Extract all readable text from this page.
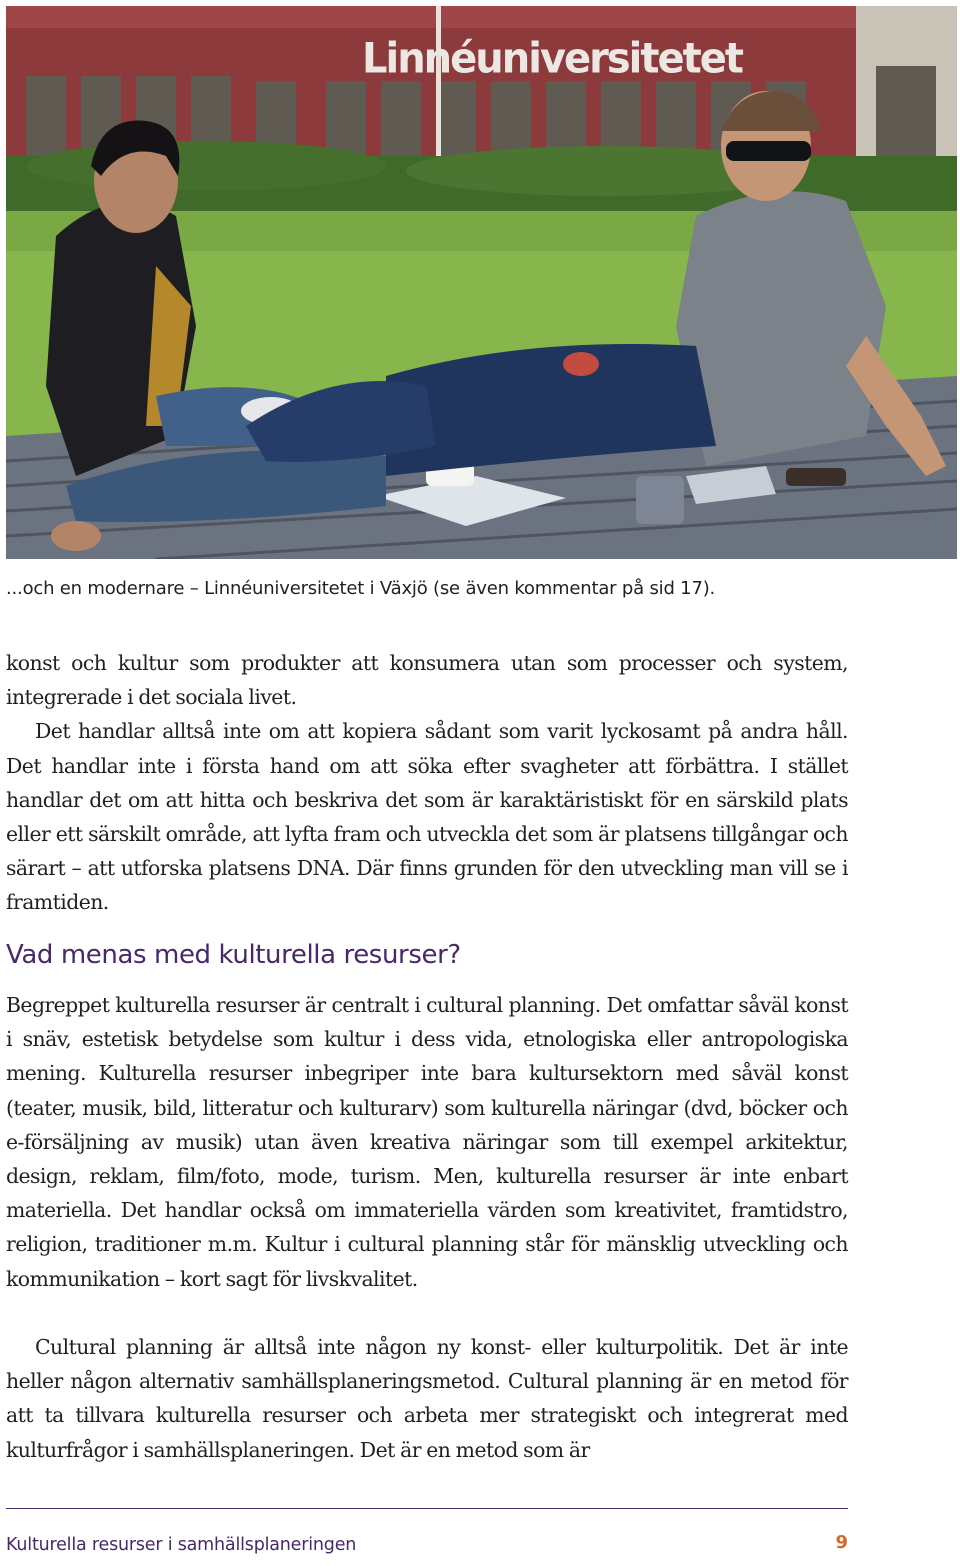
Linnéuniversitetet
...och en modernare – Linnéuniversitetet i Växjö (se även kommentar på sid 17).

konst och kultur som produkter att konsumera utan som processer och system, integrerade i det sociala livet.

Det handlar alltså inte om att kopiera sådant som varit lyckosamt på andra håll. Det handlar inte i första hand om att söka efter svagheter att förbättra. I stället handlar det om att hitta och beskriva det som är karaktäristiskt för en särskild plats eller ett särskilt område, att lyfta fram och utveckla det som är platsens tillgångar och särart – att utforska platsens DNA. Där finns grunden för den utveckling man vill se i framtiden.

Vad menas med kulturella resurser?

Begreppet kulturella resurser är centralt i cultural planning. Det omfattar såväl konst i snäv, estetisk betydelse som kultur i dess vida, etnologiska eller antropologiska mening. Kulturella resurser inbegriper inte bara kultursektorn med såväl konst (teater, musik, bild, litteratur och kulturarv) som kulturella näringar (dvd, böcker och e-försäljning av musik) utan även kreativa näringar som till exempel arkitektur, design, reklam, film/foto, mode, turism. Men, kulturella resurser är inte enbart materiella. Det handlar också om immateriella värden som kreativitet, framtidstro, religion, traditioner m.m. Kultur i cultural planning står för mänsklig utveckling och kommunikation – kort sagt för livskvalitet.

Cultural planning är alltså inte någon ny konst- eller kulturpolitik. Det är inte heller någon alternativ samhällsplaneringsmetod. Cultural planning är en metod för att ta tillvara kulturella resurser och arbeta mer strategiskt och integrerat med kulturfrågor i samhällsplaneringen. Det är en metod som är

Kulturella resurser i samhällsplaneringen	9
